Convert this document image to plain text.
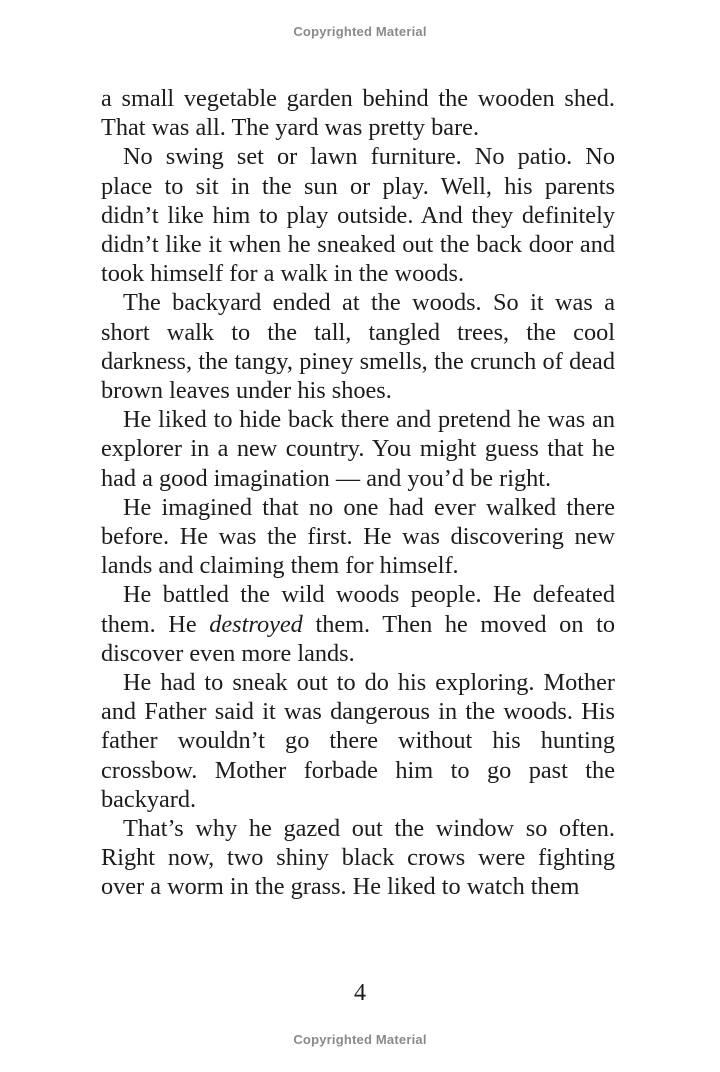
Copyrighted Material

a small vegetable garden behind the wooden shed. That was all. The yard was pretty bare.

No swing set or lawn furniture. No patio. No place to sit in the sun or play. Well, his parents didn’t like him to play outside. And they definitely didn’t like it when he sneaked out the back door and took himself for a walk in the woods.

The backyard ended at the woods. So it was a short walk to the tall, tangled trees, the cool darkness, the tangy, piney smells, the crunch of dead brown leaves under his shoes.

He liked to hide back there and pretend he was an explorer in a new country. You might guess that he had a good imagination — and you’d be right.

He imagined that no one had ever walked there before. He was the first. He was discovering new lands and claiming them for himself.

He battled the wild woods people. He defeated them. He destroyed them. Then he moved on to discover even more lands.

He had to sneak out to do his exploring. Mother and Father said it was dangerous in the woods. His father wouldn’t go there without his hunting crossbow. Mother forbade him to go past the backyard.

That’s why he gazed out the window so often. Right now, two shiny black crows were fighting over a worm in the grass. He liked to watch them

4
Copyrighted Material
